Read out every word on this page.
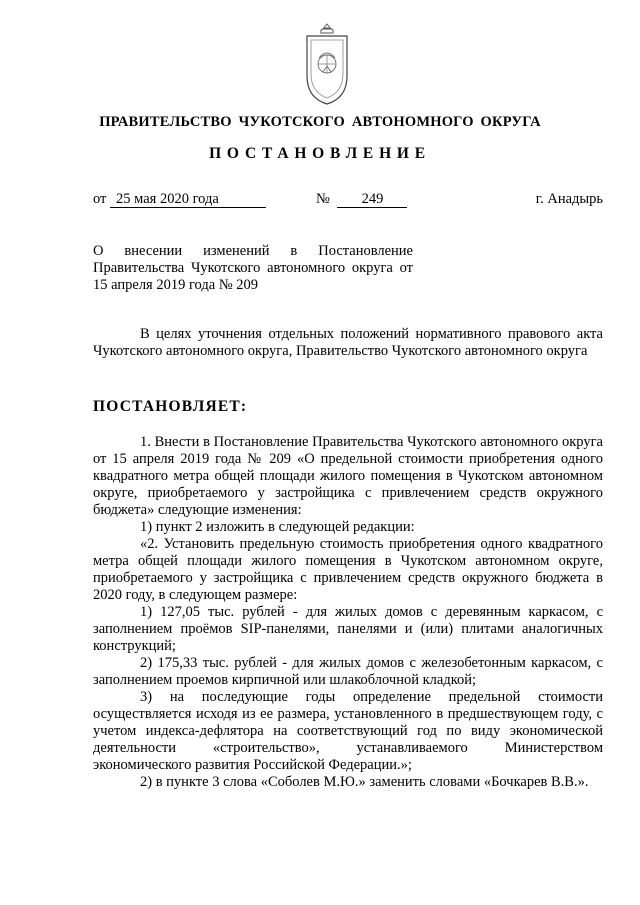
ПРАВИТЕЛЬСТВО ЧУКОТСКОГО АВТОНОМНОГО ОКРУГА
ПОСТАНОВЛЕНИЕ
от 25 мая 2020 года	№ 249	г. Анадырь
О внесении изменений в Постановление Правительства Чукотского автономного округа от 15 апреля 2019 года № 209

В целях уточнения отдельных положений нормативного правового акта Чукотского автономного округа, Правительство Чукотского автономного округа

ПОСТАНОВЛЯЕТ:

1. Внести в Постановление Правительства Чукотского автономного округа от 15 апреля 2019 года № 209 «О предельной стоимости приобретения одного квадратного метра общей площади жилого помещения в Чукотском автономном округе, приобретаемого у застройщика с привлечением средств окружного бюджета» следующие изменения:

1) пункт 2 изложить в следующей редакции:

«2. Установить предельную стоимость приобретения одного квадратного метра общей площади жилого помещения в Чукотском автономном округе, приобретаемого у застройщика с привлечением средств окружного бюджета в 2020 году, в следующем размере:

1) 127,05 тыс. рублей - для жилых домов с деревянным каркасом, с заполнением проёмов SIP-панелями, панелями и (или) плитами аналогичных конструкций;

2) 175,33 тыс. рублей - для жилых домов с железобетонным каркасом, с заполнением проемов кирпичной или шлакоблочной кладкой;

3) на последующие годы определение предельной стоимости осуществляется исходя из ее размера, установленного в предшествующем году, с учетом индекса-дефлятора на соответствующий год по виду экономической деятельности «строительство», устанавливаемого Министерством экономического развития Российской Федерации.»;

2) в пункте 3 слова «Соболев М.Ю.» заменить словами «Бочкарев В.В.».
